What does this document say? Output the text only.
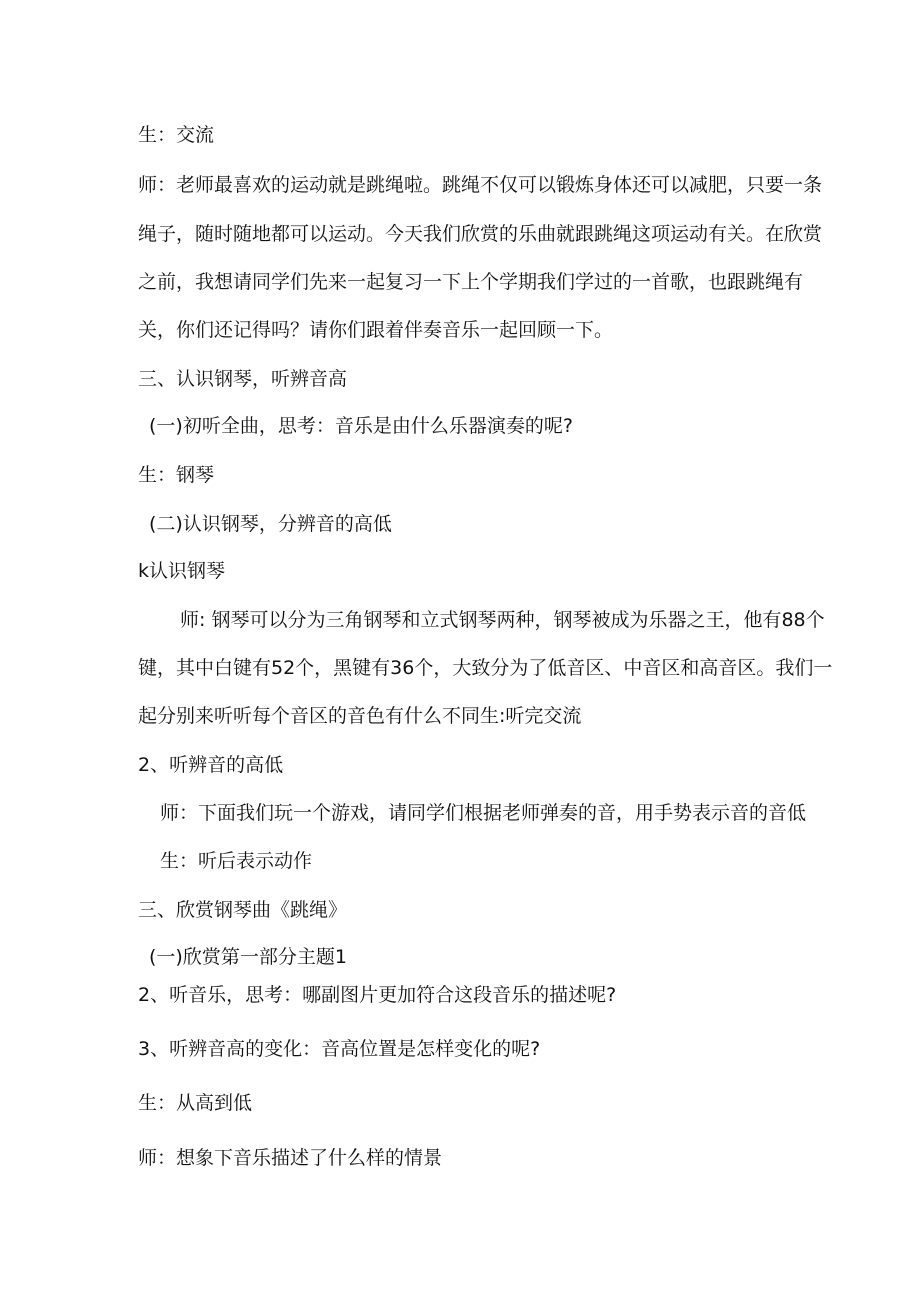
生：交流
师：老师最喜欢的运动就是跳绳啦。跳绳不仅可以锻炼身体还可以减肥，只要一条
绳子，随时随地都可以运动。今天我们欣赏的乐曲就跟跳绳这项运动有关。在欣赏
之前，我想请同学们先来一起复习一下上个学期我们学过的一首歌，也跟跳绳有
关，你们还记得吗？请你们跟着伴奏音乐一起回顾一下。
三、认识钢琴，听辨音高
(一)初听全曲，思考：音乐是由什么乐器演奏的呢?
生：钢琴
(二)认识钢琴，分辨音的高低
k认识钢琴
师: 钢琴可以分为三角钢琴和立式钢琴两种，钢琴被成为乐器之王，他有88个
键，其中白键有52个，黑键有36个，大致分为了低音区、中音区和高音区。我们一
起分别来听听每个音区的音色有什么不同生:听完交流
2、听辨音的高低
师：下面我们玩一个游戏，请同学们根据老师弹奏的音，用手势表示音的音低
生：听后表示动作
三、欣赏钢琴曲《跳绳》
(一)欣赏第一部分主题1
2、听音乐，思考：哪副图片更加符合这段音乐的描述呢?
3、听辨音高的变化：音高位置是怎样变化的呢?
生：从高到低
师：想象下音乐描述了什么样的情景
